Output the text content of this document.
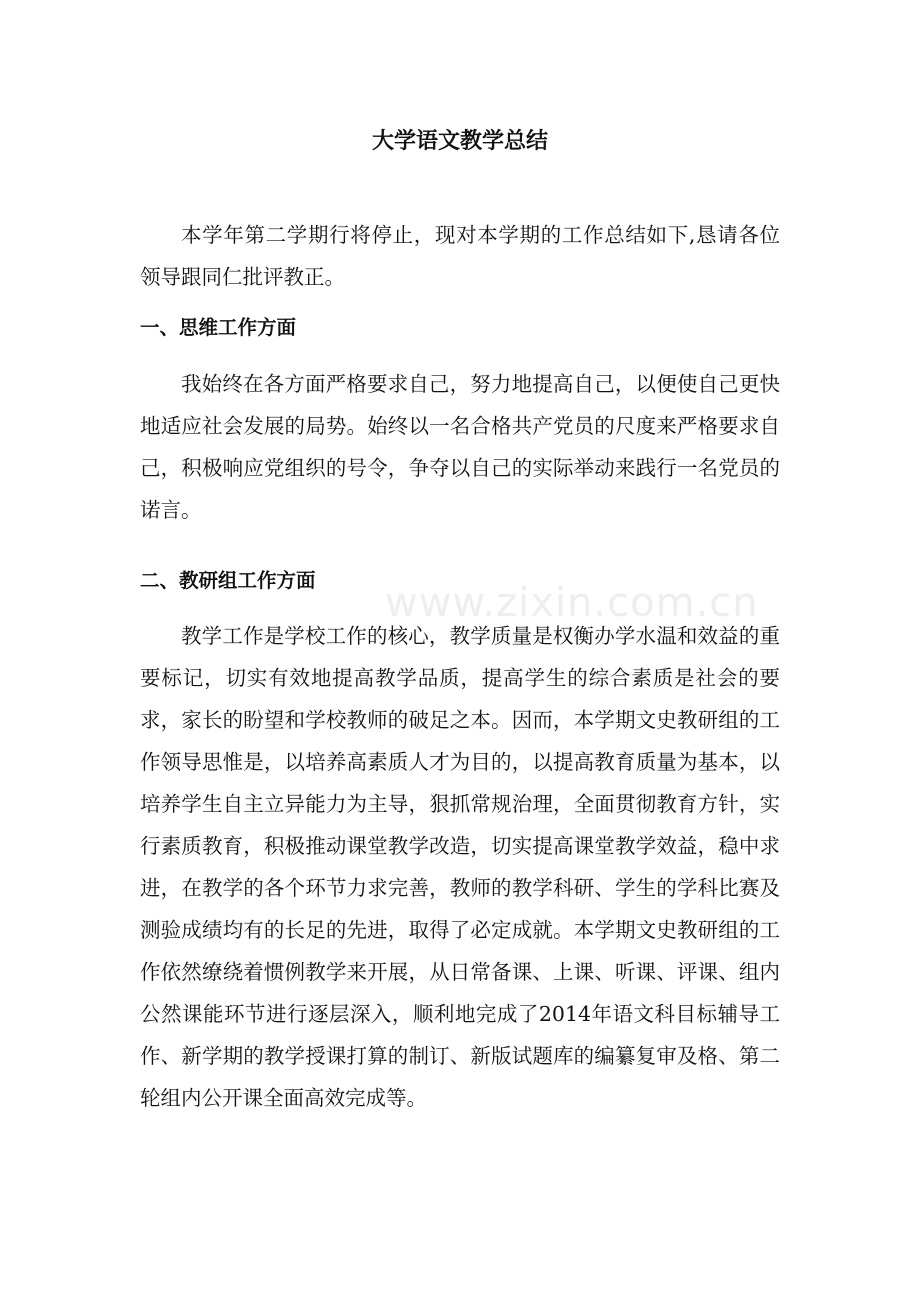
www.zixin.com.cn
大学语文教学总结

本学年第二学期行将停止，现对本学期的工作总结如下,恳请各位领导跟同仁批评教正。

一、思维工作方面

我始终在各方面严格要求自己，努力地提高自己，以便使自己更快地适应社会发展的局势。始终以一名合格共产党员的尺度来严格要求自己，积极响应党组织的号令，争夺以自己的实际举动来践行一名党员的诺言。

二、教研组工作方面

教学工作是学校工作的核心，教学质量是权衡办学水温和效益的重要标记，切实有效地提高教学品质，提高学生的综合素质是社会的要求，家长的盼望和学校教师的破足之本。因而，本学期文史教研组的工作领导思惟是，以培养高素质人才为目的，以提高教育质量为基本，以培养学生自主立异能力为主导，狠抓常规治理，全面贯彻教育方针，实行素质教育，积极推动课堂教学改造，切实提高课堂教学效益，稳中求进，在教学的各个环节力求完善，教师的教学科研、学生的学科比赛及测验成绩均有的长足的先进，取得了必定成就。本学期文史教研组的工作依然缭绕着惯例教学来开展，从日常备课、上课、听课、评课、组内公然课能环节进行逐层深入，顺利地完成了2014年语文科目标辅导工作、新学期的教学授课打算的制订、新版试题库的编纂复审及格、第二轮组内公开课全面高效完成等。
